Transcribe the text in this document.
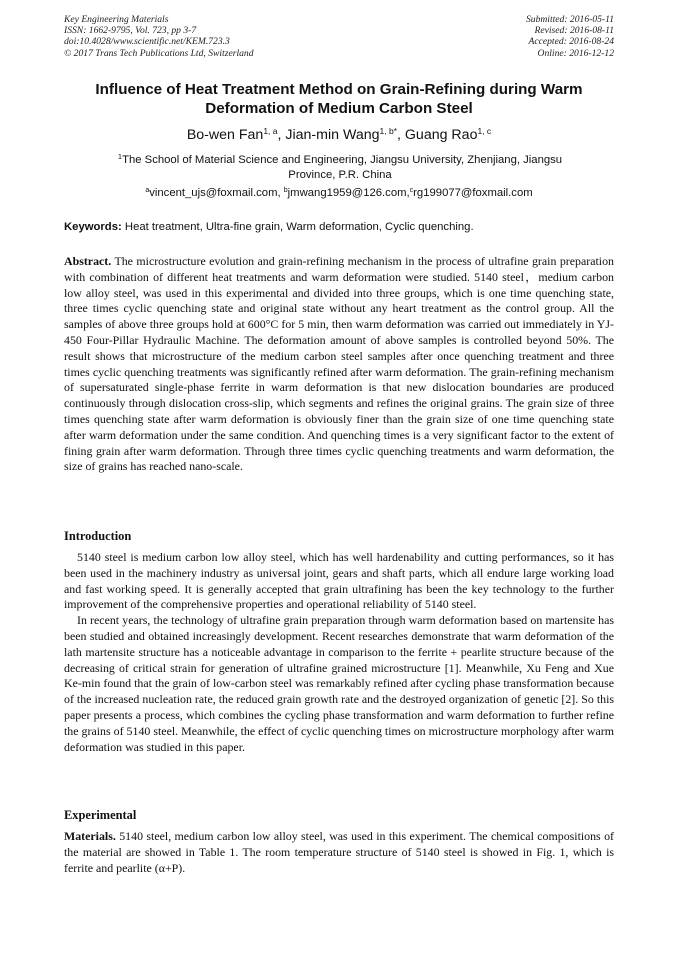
Key Engineering Materials
ISSN: 1662-9795, Vol. 723, pp 3-7
doi:10.4028/www.scientific.net/KEM.723.3
© 2017 Trans Tech Publications Ltd, Switzerland
Submitted: 2016-05-11
Revised: 2016-08-11
Accepted: 2016-08-24
Online: 2016-12-12
Influence of Heat Treatment Method on Grain-Refining during Warm Deformation of Medium Carbon Steel
Bo-wen Fan$^{1, a}$, Jian-min Wang$^{1, b*}$, Guang Rao$^{1, c}$
$^1$The School of Material Science and Engineering, Jiangsu University, Zhenjiang, Jiangsu Province, P.R. China
$^a$vincent_ujs@foxmail.com, $^b$jmwang1959@126.com,$^c$rg199077@foxmail.com
Keywords: Heat treatment, Ultra-fine grain, Warm deformation, Cyclic quenching.

Abstract. The microstructure evolution and grain-refining mechanism in the process of ultrafine grain preparation with combination of different heat treatments and warm deformation were studied. 5140 steel，medium carbon low alloy steel, was used in this experimental and divided into three groups, which is one time quenching state, three times cyclic quenching state and original state without any heart treatment as the control group. All the samples of above three groups hold at 600°C for 5 min, then warm deformation was carried out immediately in YJ-450 Four-Pillar Hydraulic Machine. The deformation amount of above samples is controlled beyond 50%. The result shows that microstructure of the medium carbon steel samples after once quenching treatment and three times cyclic quenching treatments was significantly refined after warm deformation. The grain-refining mechanism of supersaturated single-phase ferrite in warm deformation is that new dislocation boundaries are produced continuously through dislocation cross-slip, which segments and refines the original grains. The grain size of three times quenching state after warm deformation is obviously finer than the grain size of one time quenching state after warm deformation under the same condition. And quenching times is a very significant factor to the extent of fining grain after warm deformation. Through three times cyclic quenching treatments and warm deformation, the size of grains has reached nano-scale.

Introduction

5140 steel is medium carbon low alloy steel, which has well hardenability and cutting performances, so it has been used in the machinery industry as universal joint, gears and shaft parts, which all endure large working load and fast working speed. It is generally accepted that grain ultrafining has been the key technology to the further improvement of the comprehensive properties and operational reliability of 5140 steel.

In recent years, the technology of ultrafine grain preparation through warm deformation based on martensite has been studied and obtained increasingly development. Recent researches demonstrate that warm deformation of the lath martensite structure has a noticeable advantage in comparison to the ferrite + pearlite structure because of the decreasing of critical strain for generation of ultrafine grained microstructure [1]. Meanwhile, Xu Feng and Xue Ke-min found that the grain of low-carbon steel was remarkably refined after cycling phase transformation because of the increased nucleation rate, the reduced grain growth rate and the destroyed organization of genetic [2]. So this paper presents a process, which combines the cycling phase transformation and warm deformation to further refine the grains of 5140 steel. Meanwhile, the effect of cyclic quenching times on microstructure morphology after warm deformation was studied in this paper.

Experimental

Materials. 5140 steel, medium carbon low alloy steel, was used in this experiment. The chemical compositions of the material are showed in Table 1. The room temperature structure of 5140 steel is showed in Fig. 1, which is ferrite and pearlite (α+P).
